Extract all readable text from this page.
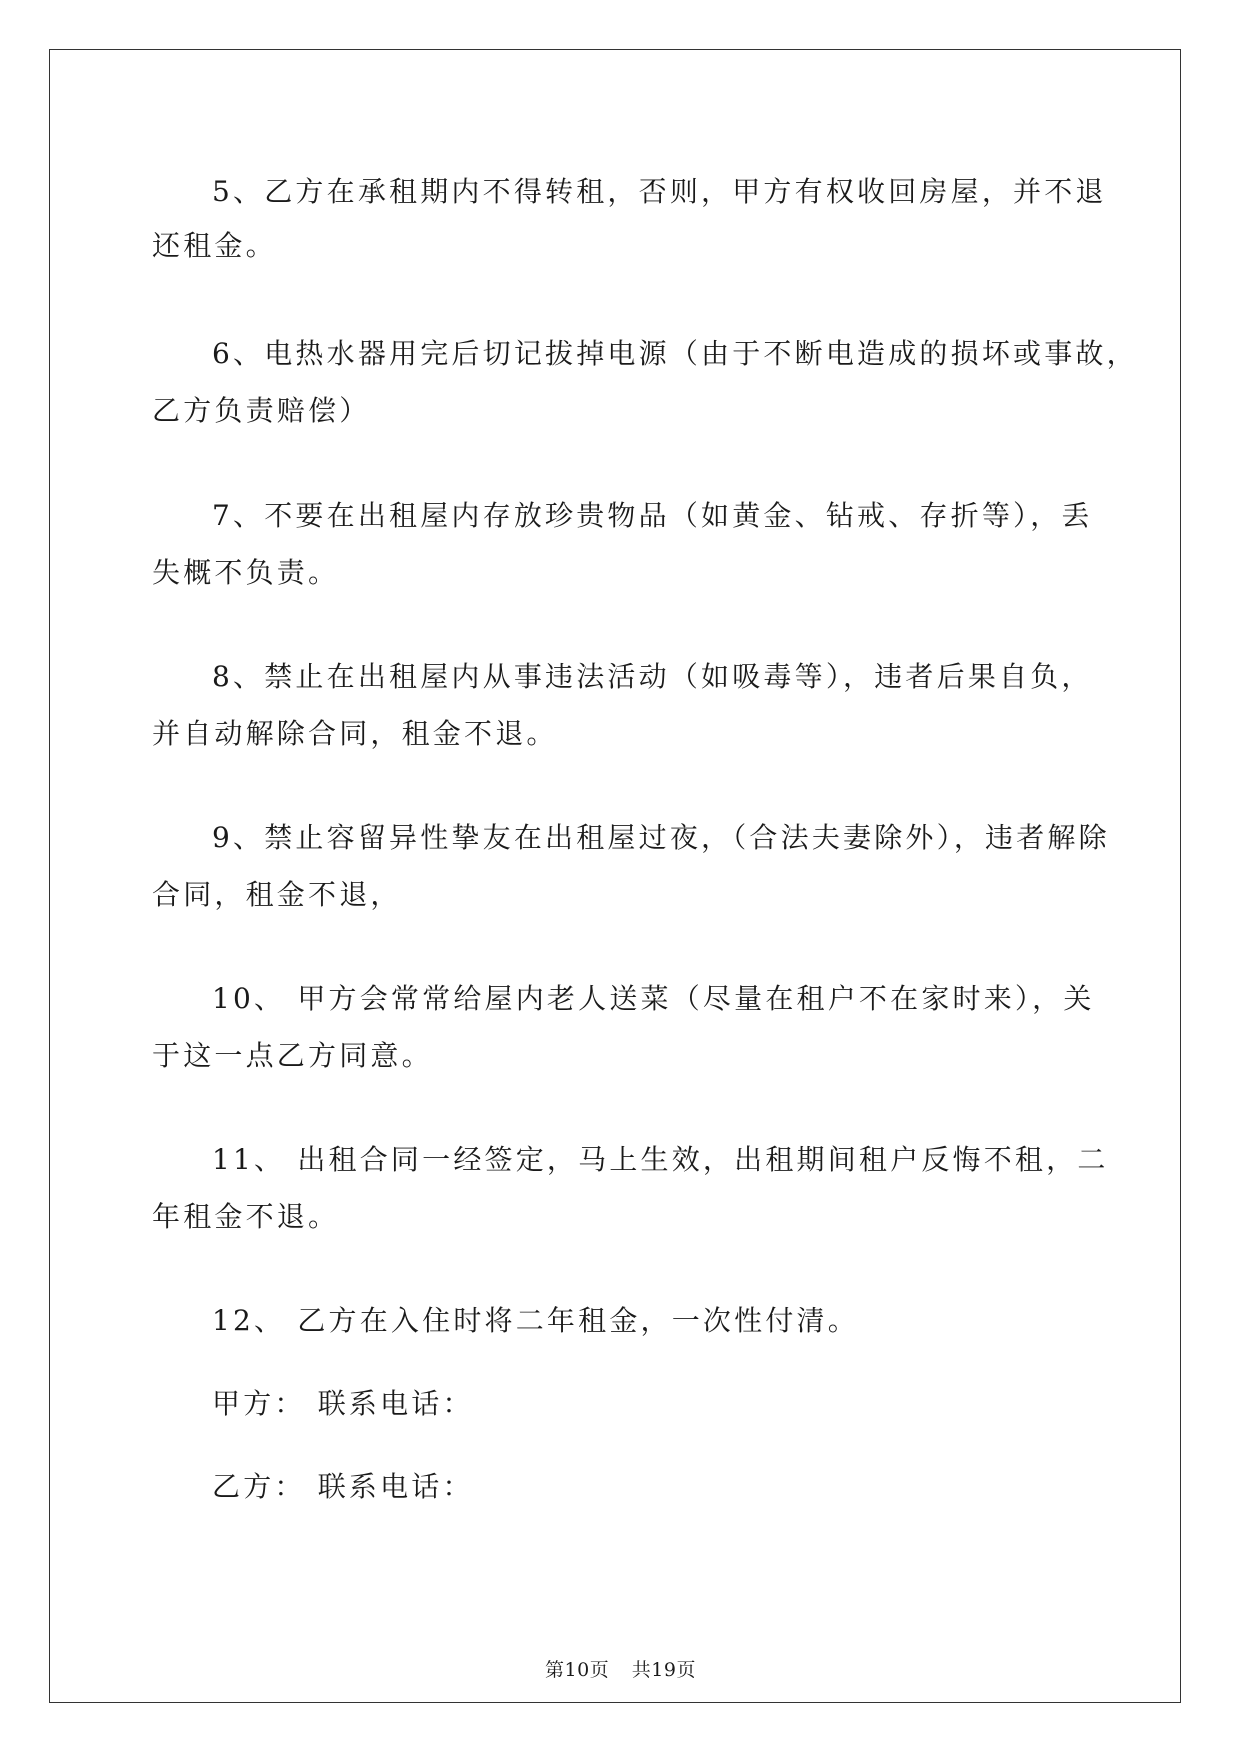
5、乙方在承租期内不得转租，否则，甲方有权收回房屋，并不退
还租金。
6、电热水器用完后切记拔掉电源（由于不断电造成的损坏或事故，
乙方负责赔偿）
7、不要在出租屋内存放珍贵物品（如黄金、钻戒、存折等），丢
失概不负责。
8、禁止在出租屋内从事违法活动（如吸毒等），违者后果自负，
并自动解除合同，租金不退。
9、禁止容留异性挚友在出租屋过夜，（合法夫妻除外），违者解除
合同，租金不退，
10、 甲方会常常给屋内老人送菜（尽量在租户不在家时来），关
于这一点乙方同意。
11、 出租合同一经签定，马上生效，出租期间租户反悔不租，二
年租金不退。
12、 乙方在入住时将二年租金，一次性付清。
甲方： 联系电话：
乙方： 联系电话：
第10页 共19页
